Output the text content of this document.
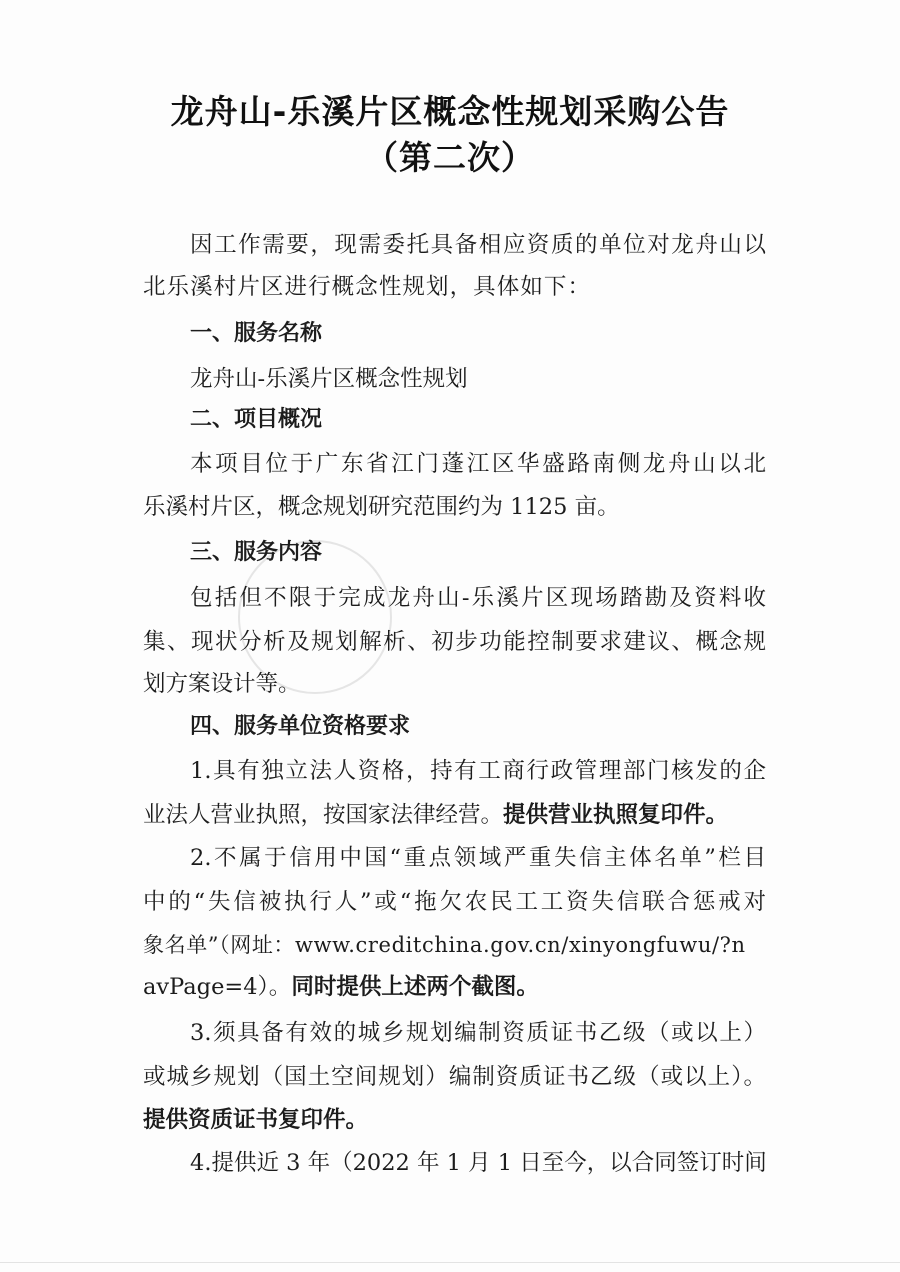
龙舟山-乐溪片区概念性规划采购公告
（第二次）
因工作需要，现需委托具备相应资质的单位对龙舟山以
北乐溪村片区进行概念性规划，具体如下：
一、服务名称
龙舟山-乐溪片区概念性规划
二、项目概况
本项目位于广东省江门蓬江区华盛路南侧龙舟山以北
乐溪村片区，概念规划研究范围约为 1125 亩。
三、服务内容
包括但不限于完成龙舟山-乐溪片区现场踏勘及资料收
集、现状分析及规划解析、初步功能控制要求建议、概念规
划方案设计等。
四、服务单位资格要求
1.具有独立法人资格，持有工商行政管理部门核发的企
业法人营业执照，按国家法律经营。提供营业执照复印件。
2.不属于信用中国“重点领域严重失信主体名单”栏目
中的“失信被执行人”或“拖欠农民工工资失信联合惩戒对
象名单”（网址：www.creditchina.gov.cn/xinyongfuwu/?n
avPage=4）。同时提供上述两个截图。
3.须具备有效的城乡规划编制资质证书乙级（或以上）
或城乡规划（国土空间规划）编制资质证书乙级（或以上）。
提供资质证书复印件。
4.提供近 3 年（2022 年 1 月 1 日至今，以合同签订时间
